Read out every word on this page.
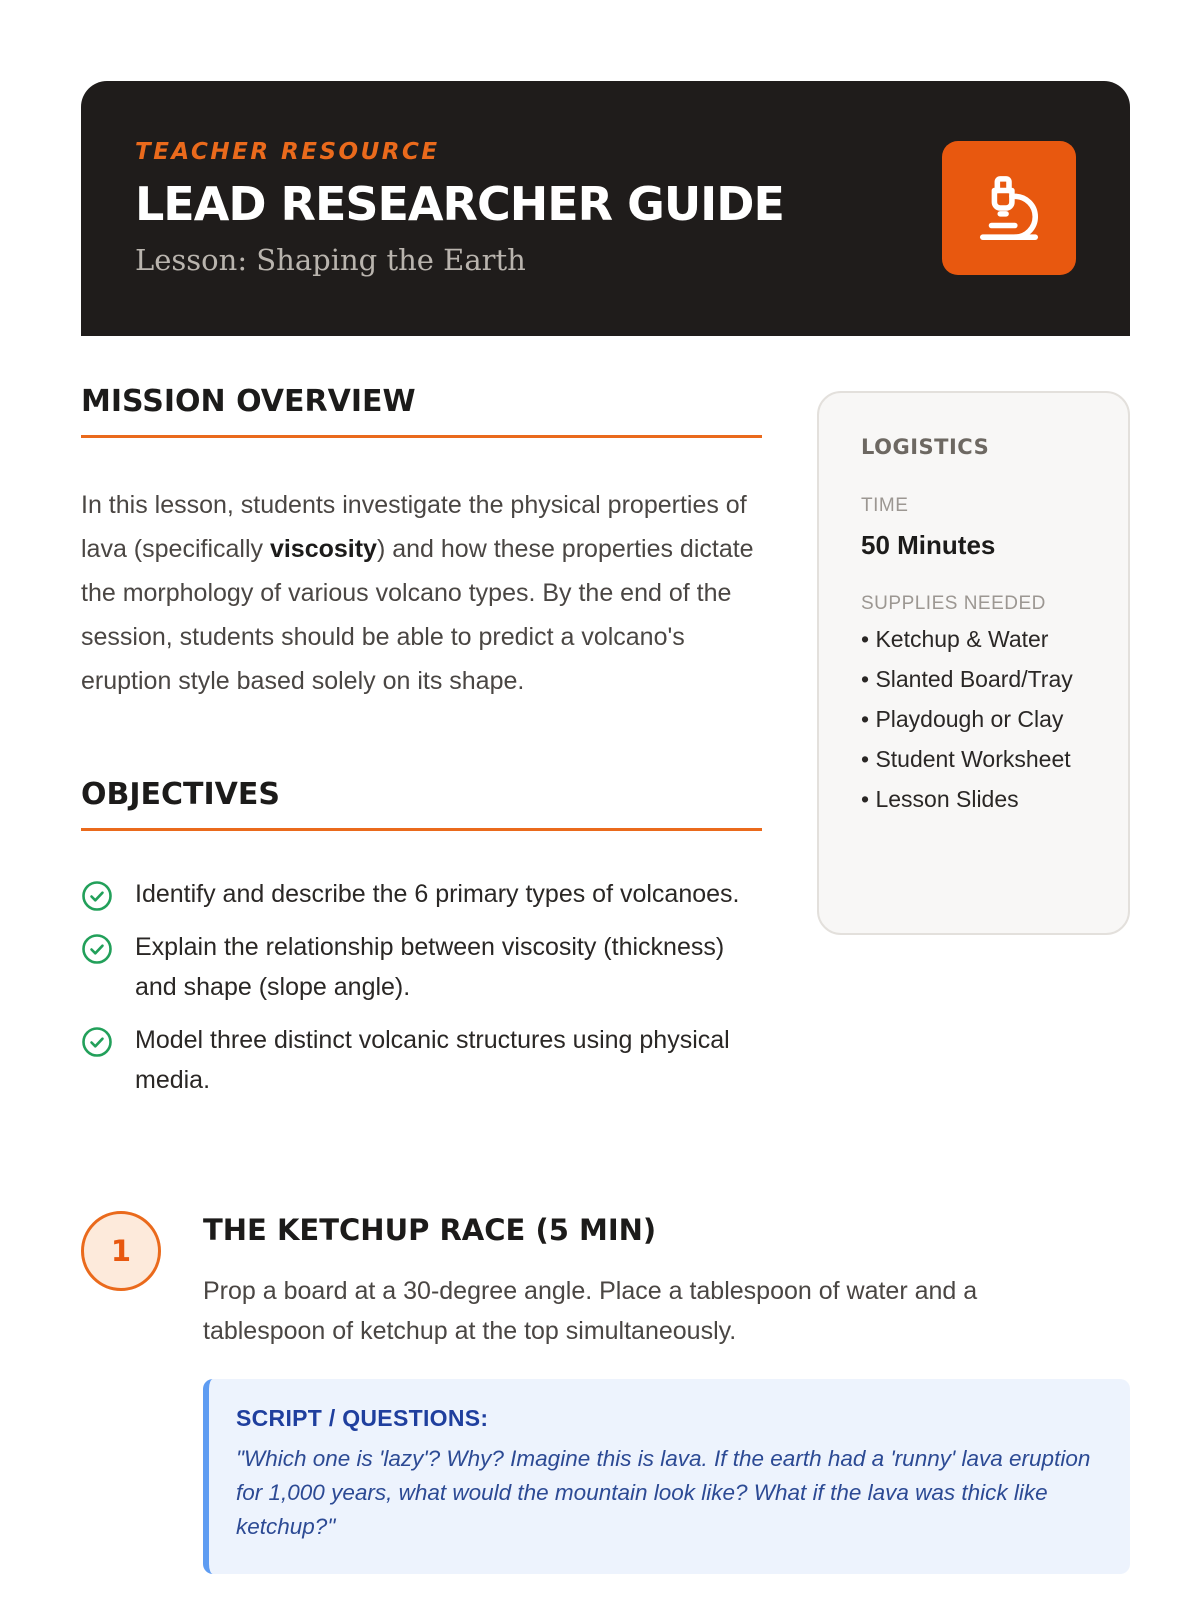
TEACHER RESOURCE
LEAD RESEARCHER GUIDE
Lesson: Shaping the Earth
MISSION OVERVIEW

In this lesson, students investigate the physical properties of lava (specifically viscosity) and how these properties dictate the morphology of various volcano types. By the end of the session, students should be able to predict a volcano's eruption style based solely on its shape.

OBJECTIVES
Identify and describe the 6 primary types of volcanoes.
Explain the relationship between viscosity (thickness) and shape (slope angle).
Model three distinct volcanic structures using physical media.
LOGISTICS
TIME
50 Minutes
SUPPLIES NEEDED
• Ketchup & Water
• Slanted Board/Tray
• Playdough or Clay
• Student Worksheet
• Lesson Slides
1
THE KETCHUP RACE (5 MIN)

Prop a board at a 30-degree angle. Place a tablespoon of water and a tablespoon of ketchup at the top simultaneously.

SCRIPT / QUESTIONS:

"Which one is 'lazy'? Why? Imagine this is lava. If the earth had a 'runny' lava eruption for 1,000 years, what would the mountain look like? What if the lava was thick like ketchup?"
